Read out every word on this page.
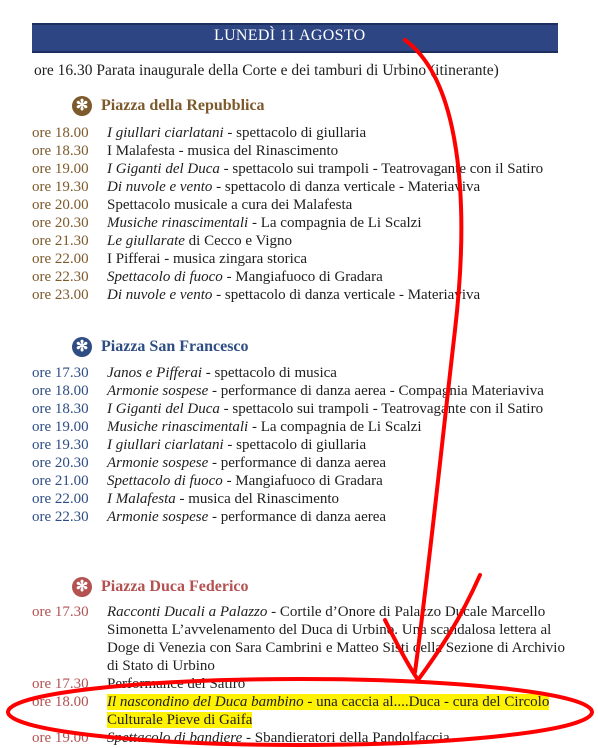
LUNEDÌ 11 AGOSTO
ore 16.30 Parata inaugurale della Corte e dei tamburi di Urbino (itinerante)
✻ Piazza della Repubblica
ore 18.00	I giullari ciarlatani - spettacolo di giullaria
ore 18.30	I Malafesta - musica del Rinascimento
ore 19.00	I Giganti del Duca - spettacolo sui trampoli - Teatrovagante con il Satiro
ore 19.30	Di nuvole e vento - spettacolo di danza verticale - Materiaviva
ore 20.00	Spettacolo musicale a cura dei Malafesta
ore 20.30	Musiche rinascimentali - La compagnia de Li Scalzi
ore 21.30	Le giullarate di Cecco e Vigno
ore 22.00	I Pifferai - musica zingara storica
ore 22.30	Spettacolo di fuoco - Mangiafuoco di Gradara
ore 23.00	Di nuvole e vento - spettacolo di danza verticale - Materiaviva
✻ Piazza San Francesco
ore 17.30	Janos e Pifferai - spettacolo di musica
ore 18.00	Armonie sospese - performance di danza aerea - Compagnia Materiaviva
ore 18.30	I Giganti del Duca - spettacolo sui trampoli - Teatrovagante con il Satiro
ore 19.00	Musiche rinascimentali - La compagnia de Li Scalzi
ore 19.30	I giullari ciarlatani - spettacolo di giullaria
ore 20.30	Armonie sospese - performance di danza aerea
ore 21.00	Spettacolo di fuoco - Mangiafuoco di Gradara
ore 22.00	I Malafesta - musica del Rinascimento
ore 22.30	Armonie sospese - performance di danza aerea
✻ Piazza Duca Federico
ore 17.30	Racconti Ducali a Palazzo - Cortile d’Onore di Palazzo Ducale Marcello Simonetta L’avvelenamento del Duca di Urbino. Una scandalosa lettera al Doge di Venezia con Sara Cambrini e Matteo Sisti della Sezione di Archivio di Stato di Urbino
ore 17.30	Performance del Satiro
ore 18.00	Il nascondino del Duca bambino - una caccia al....Duca - cura del Circolo Culturale Pieve di Gaifa
ore 19.00	Spettacolo di bandiere - Sbandieratori della Pandolfaccia
